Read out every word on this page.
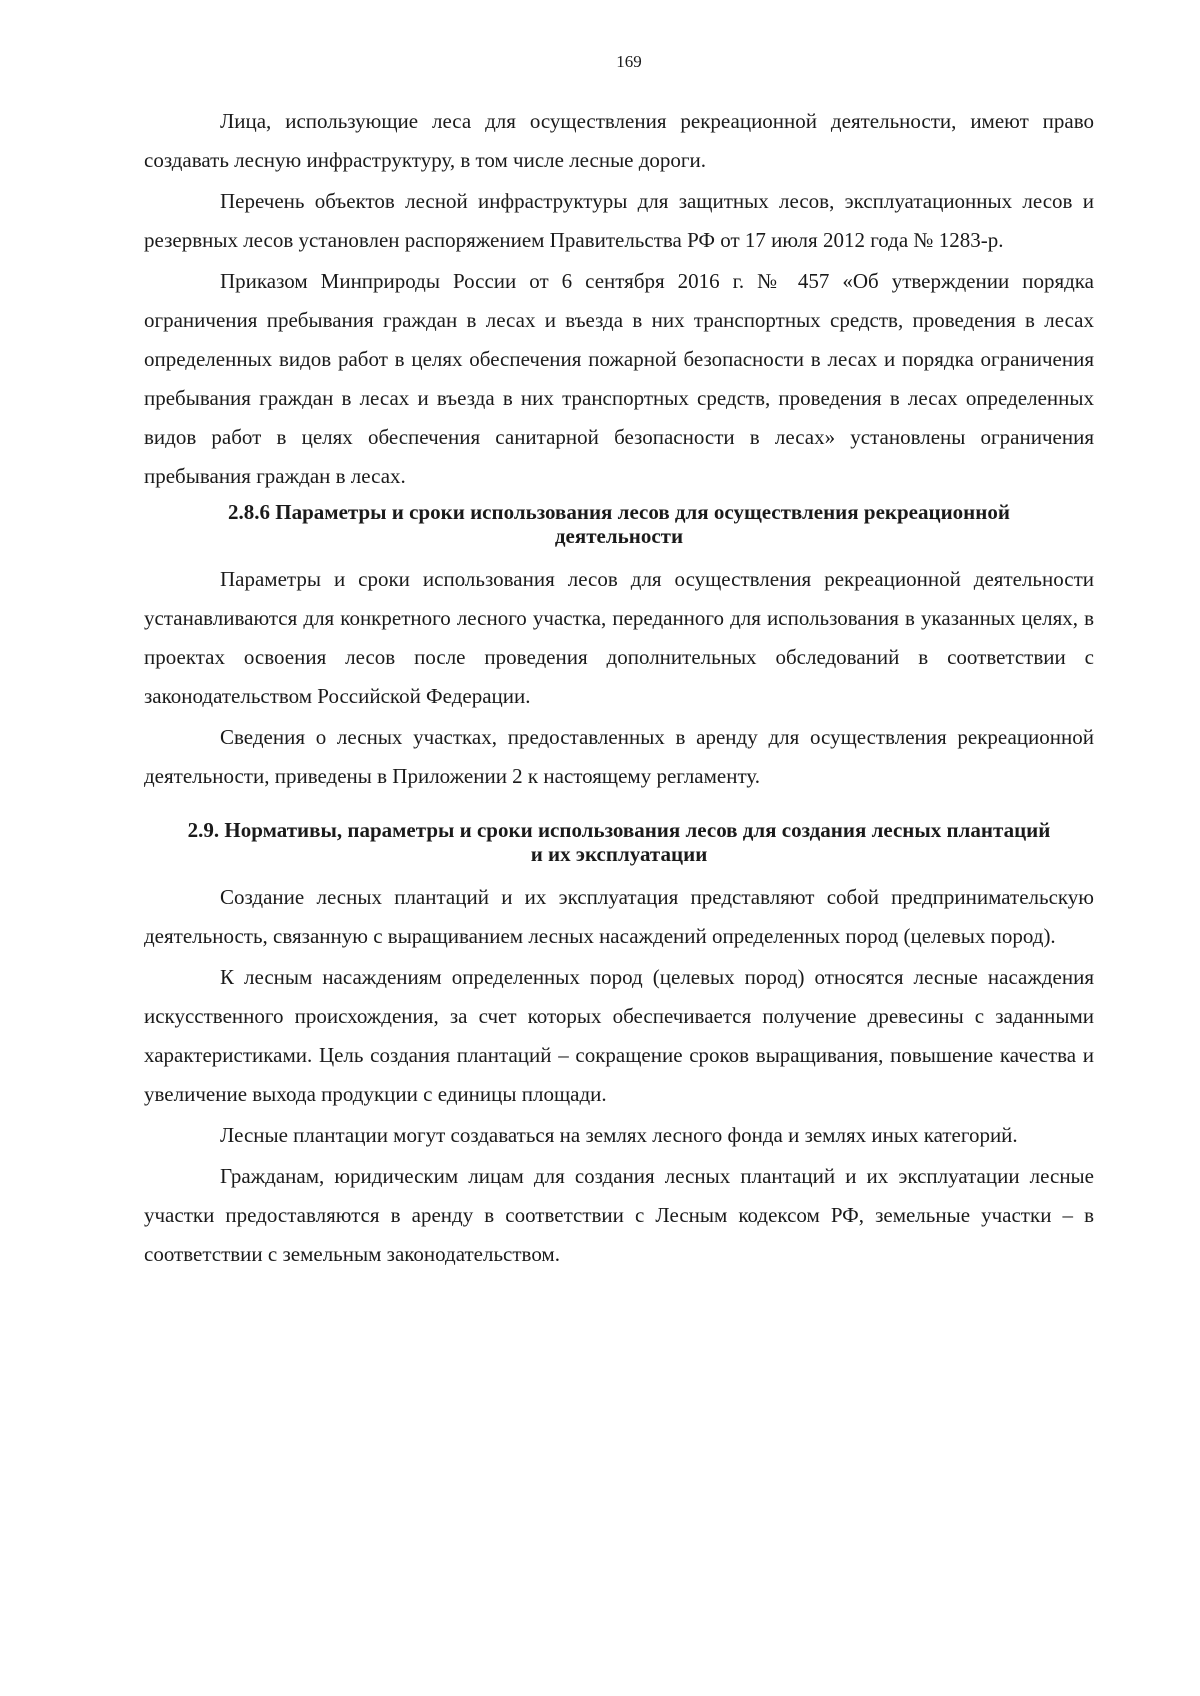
169

Лица, использующие леса для осуществления рекреационной деятельности, имеют право создавать лесную инфраструктуру, в том числе лесные дороги.

Перечень объектов лесной инфраструктуры для защитных лесов, эксплуатационных лесов и резервных лесов установлен распоряжением Правительства РФ от 17 июля 2012 года № 1283-р.

Приказом Минприроды России от 6 сентября 2016 г. № 457 «Об утверждении порядка ограничения пребывания граждан в лесах и въезда в них транспортных средств, проведения в лесах определенных видов работ в целях обеспечения пожарной безопасности в лесах и порядка ограничения пребывания граждан в лесах и въезда в них транспортных средств, проведения в лесах определенных видов работ в целях обеспечения санитарной безопасности в лесах» установлены ограничения пребывания граждан в лесах.

2.8.6 Параметры и сроки использования лесов для осуществления рекреационной деятельности

Параметры и сроки использования лесов для осуществления рекреационной деятельности устанавливаются для конкретного лесного участка, переданного для использования в указанных целях, в проектах освоения лесов после проведения дополнительных обследований в соответствии с законодательством Российской Федерации.

Сведения о лесных участках, предоставленных в аренду для осуществления рекреационной деятельности, приведены в Приложении 2 к настоящему регламенту.

2.9. Нормативы, параметры и сроки использования лесов для создания лесных плантаций и их эксплуатации

Создание лесных плантаций и их эксплуатация представляют собой предпринимательскую деятельность, связанную с выращиванием лесных насаждений определенных пород (целевых пород).

К лесным насаждениям определенных пород (целевых пород) относятся лесные насаждения искусственного происхождения, за счет которых обеспечивается получение древесины с заданными характеристиками. Цель создания плантаций – сокращение сроков выращивания, повышение качества и увеличение выхода продукции с единицы площади.

Лесные плантации могут создаваться на землях лесного фонда и землях иных категорий.

Гражданам, юридическим лицам для создания лесных плантаций и их эксплуатации лесные участки предоставляются в аренду в соответствии с Лесным кодексом РФ, земельные участки – в соответствии с земельным законодательством.
